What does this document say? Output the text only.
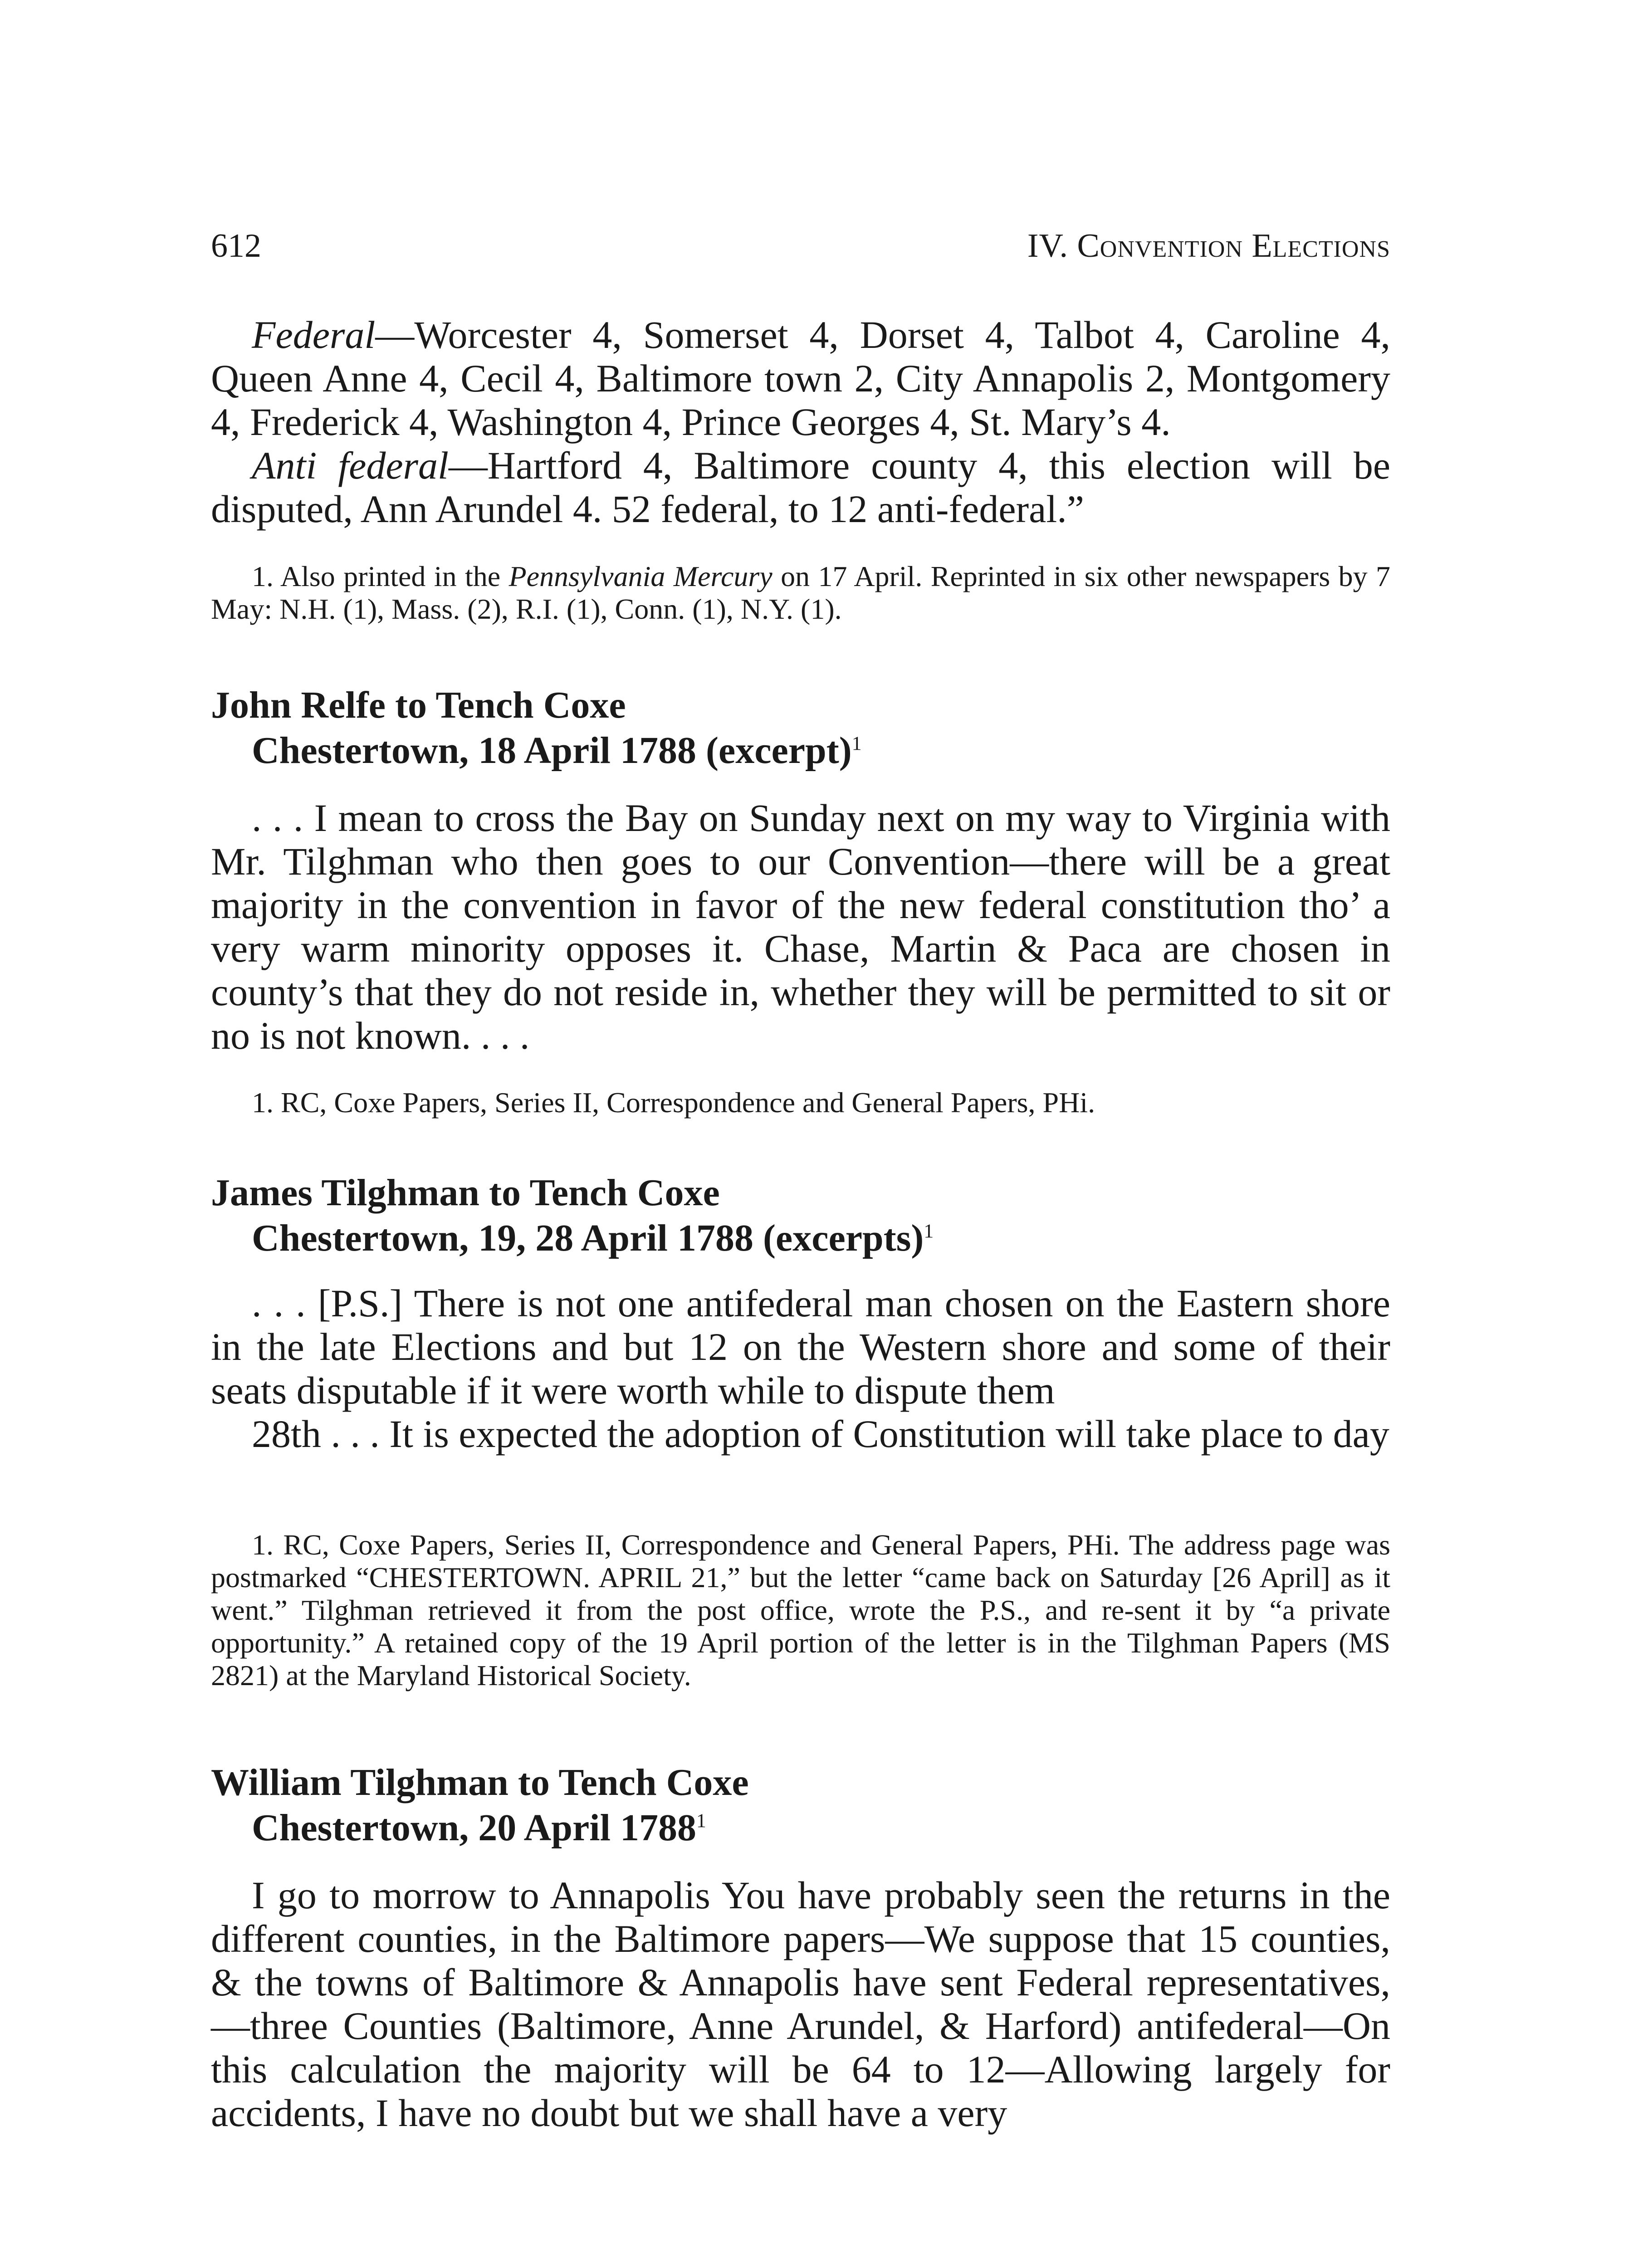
612	IV. Convention Elections

Federal—Worcester 4, Somerset 4, Dorset 4, Talbot 4, Caroline 4, Queen Anne 4, Cecil 4, Baltimore town 2, City Annapolis 2, Montgomery 4, Frederick 4, Washington 4, Prince Georges 4, St. Mary’s 4.

Anti federal—Hartford 4, Baltimore county 4, this election will be disputed, Ann Arundel 4. 52 federal, to 12 anti-federal.”

1. Also printed in the Pennsylvania Mercury on 17 April. Reprinted in six other newspapers by 7 May: N.H. (1), Mass. (2), R.I. (1), Conn. (1), N.Y. (1).

John Relfe to Tench Coxe
Chestertown, 18 April 1788 (excerpt)$^1$

. . . I mean to cross the Bay on Sunday next on my way to Virginia with Mr. Tilghman who then goes to our Convention—there will be a great majority in the convention in favor of the new federal constitution tho’ a very warm minority opposes it. Chase, Martin & Paca are chosen in county’s that they do not reside in, whether they will be permitted to sit or no is not known. . . .

1. RC, Coxe Papers, Series II, Correspondence and General Papers, PHi.

James Tilghman to Tench Coxe
Chestertown, 19, 28 April 1788 (excerpts)$^1$

. . . [P.S.] There is not one antifederal man chosen on the Eastern shore in the late Elections and but 12 on the Western shore and some of their seats disputable if it were worth while to dispute them

28th . . . It is expected the adoption of Constitution will take place to day

1. RC, Coxe Papers, Series II, Correspondence and General Papers, PHi. The address page was postmarked “CHESTERTOWN. APRIL 21,” but the letter “came back on Saturday [26 April] as it went.” Tilghman retrieved it from the post office, wrote the P.S., and re-sent it by “a private opportunity.” A retained copy of the 19 April portion of the letter is in the Tilghman Papers (MS 2821) at the Maryland Historical Society.

William Tilghman to Tench Coxe
Chestertown, 20 April 1788$^1$

I go to morrow to Annapolis You have probably seen the returns in the different counties, in the Baltimore papers—We suppose that 15 counties, & the towns of Baltimore & Annapolis have sent Federal representatives,—three Counties (Baltimore, Anne Arundel, & Harford) antifederal—On this calculation the majority will be 64 to 12—Allowing largely for accidents, I have no doubt but we shall have a very
